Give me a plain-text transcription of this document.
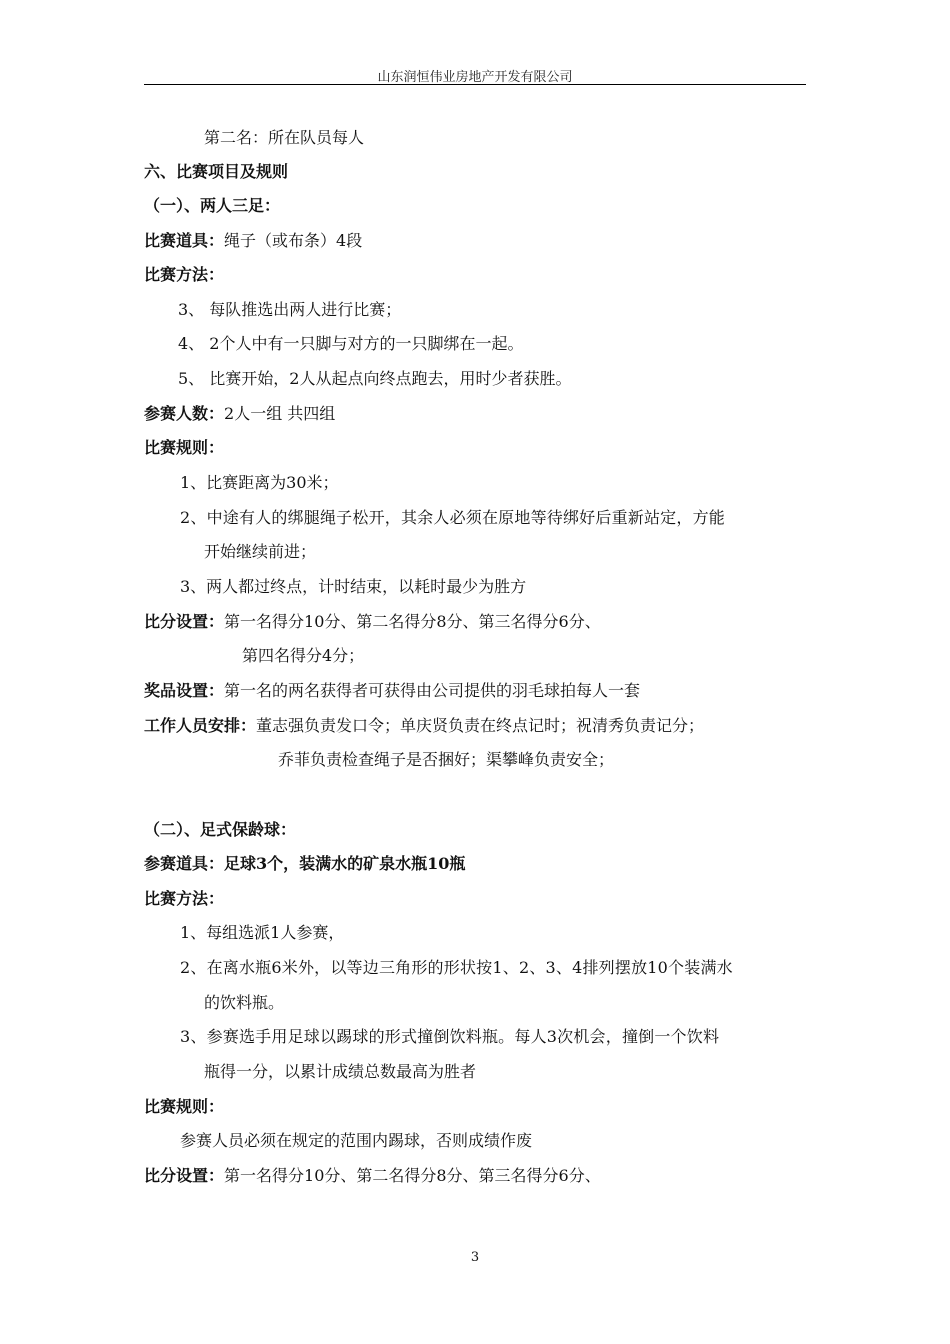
山东润恒伟业房地产开发有限公司
第二名：所在队员每人
六、比赛项目及规则
（一）、两人三足：
比赛道具：绳子（或布条）4段
比赛方法：
3、 每队推选出两人进行比赛；
4、 2个人中有一只脚与对方的一只脚绑在一起。
5、 比赛开始，2人从起点向终点跑去，用时少者获胜。
参赛人数：2人一组 共四组
比赛规则：
1、比赛距离为30米；
2、中途有人的绑腿绳子松开，其余人必须在原地等待绑好后重新站定，方能
开始继续前进；
3、两人都过终点，计时结束，以耗时最少为胜方
比分设置：第一名得分10分、第二名得分8分、第三名得分6分、
第四名得分4分；
奖品设置：第一名的两名获得者可获得由公司提供的羽毛球拍每人一套
工作人员安排：董志强负责发口令；单庆贤负责在终点记时；祝清秀负责记分；
乔菲负责检查绳子是否捆好；渠攀峰负责安全；
（二）、足式保龄球：
参赛道具：足球3个，装满水的矿泉水瓶10瓶
比赛方法：
1、每组选派1人参赛，
2、在离水瓶6米外，以等边三角形的形状按1、2、3、4排列摆放10个装满水
的饮料瓶。
3、参赛选手用足球以踢球的形式撞倒饮料瓶。每人3次机会，撞倒一个饮料
瓶得一分，以累计成绩总数最高为胜者
比赛规则：
参赛人员必须在规定的范围内踢球，否则成绩作废
比分设置：第一名得分10分、第二名得分8分、第三名得分6分、
3
